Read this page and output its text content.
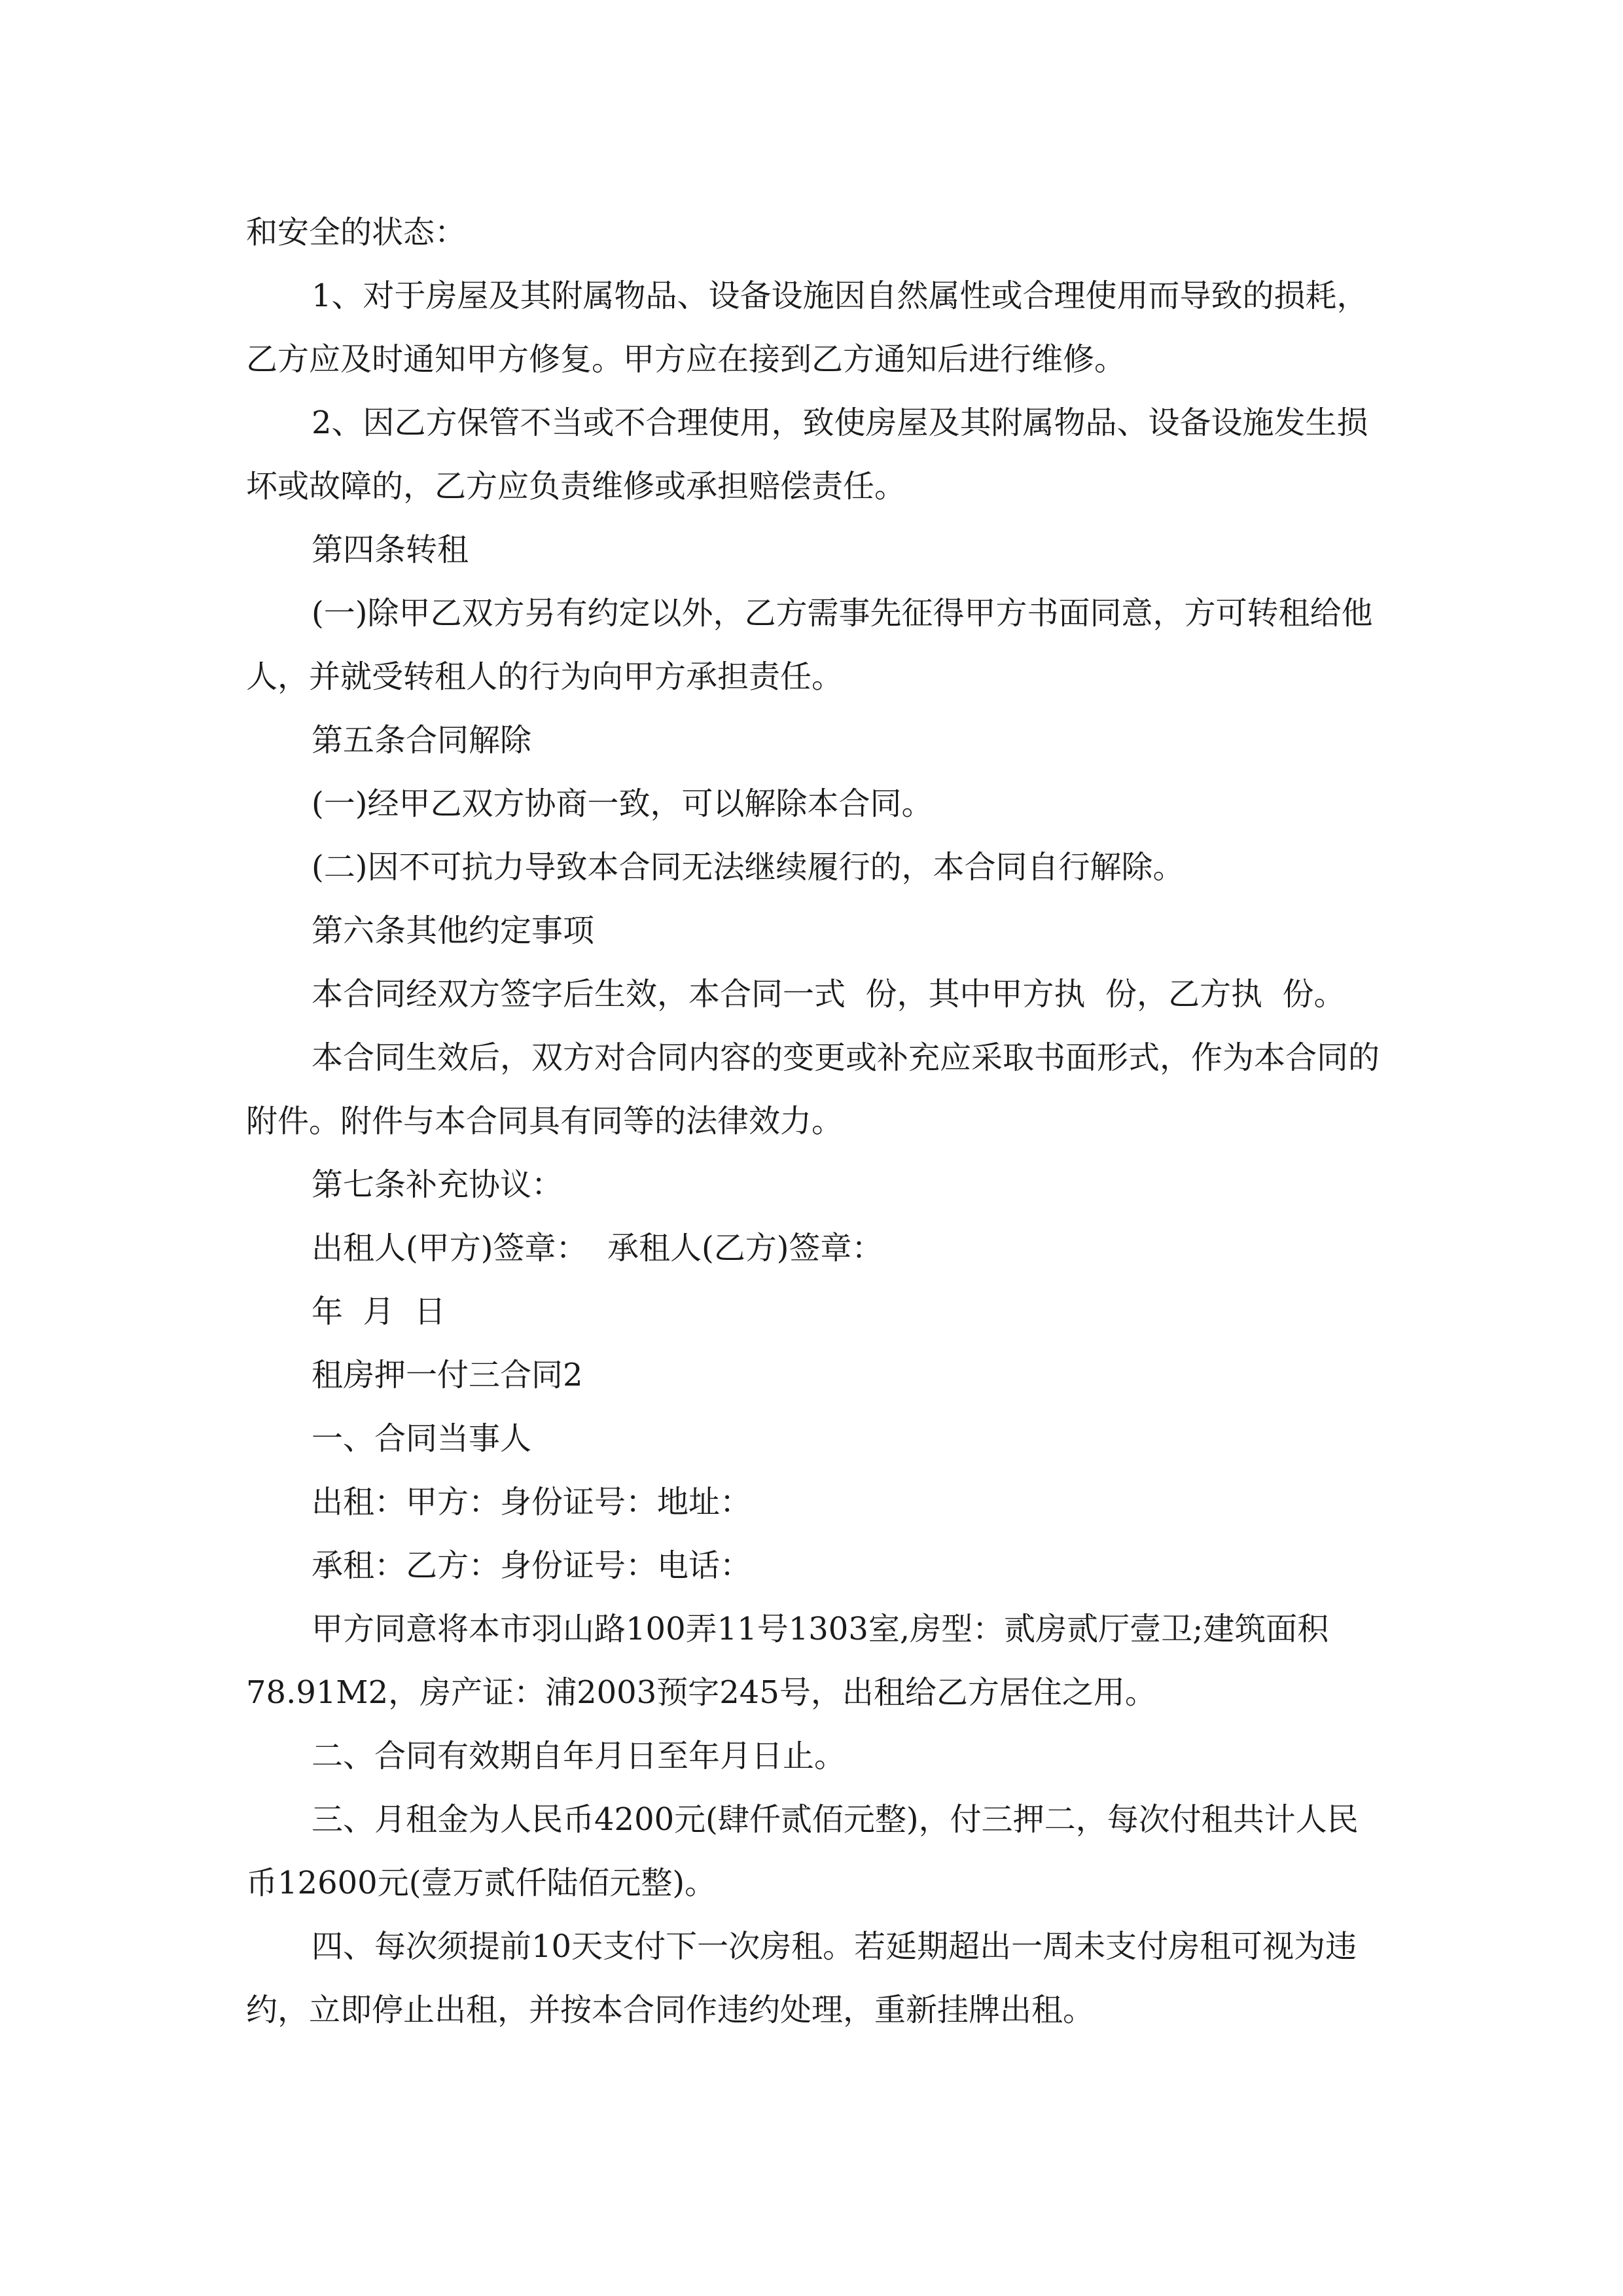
和安全的状态：

1、对于房屋及其附属物品、设备设施因自然属性或合理使用而导致的损耗，乙方应及时通知甲方修复。甲方应在接到乙方通知后进行维修。

2、因乙方保管不当或不合理使用，致使房屋及其附属物品、设备设施发生损坏或故障的，乙方应负责维修或承担赔偿责任。

第四条转租

(一)除甲乙双方另有约定以外，乙方需事先征得甲方书面同意，方可转租给他人，并就受转租人的行为向甲方承担责任。

第五条合同解除

(一)经甲乙双方协商一致，可以解除本合同。

(二)因不可抗力导致本合同无法继续履行的，本合同自行解除。

第六条其他约定事项

本合同经双方签字后生效，本合同一式  份，其中甲方执  份，乙方执  份。

本合同生效后，双方对合同内容的变更或补充应采取书面形式，作为本合同的附件。附件与本合同具有同等的法律效力。

第七条补充协议：

出租人(甲方)签章：  承租人(乙方)签章：

年  月  日

租房押一付三合同2

一、合同当事人

出租：甲方：身份证号：地址：

承租：乙方：身份证号：电话：

甲方同意将本市羽山路100弄11号1303室,房型：贰房贰厅壹卫;建筑面积78.91M2，房产证：浦2003预字245号，出租给乙方居住之用。

二、合同有效期自年月日至年月日止。

三、月租金为人民币4200元(肆仟贰佰元整)，付三押二，每次付租共计人民币12600元(壹万贰仟陆佰元整)。

四、每次须提前10天支付下一次房租。若延期超出一周未支付房租可视为违约，立即停止出租，并按本合同作违约处理，重新挂牌出租。
